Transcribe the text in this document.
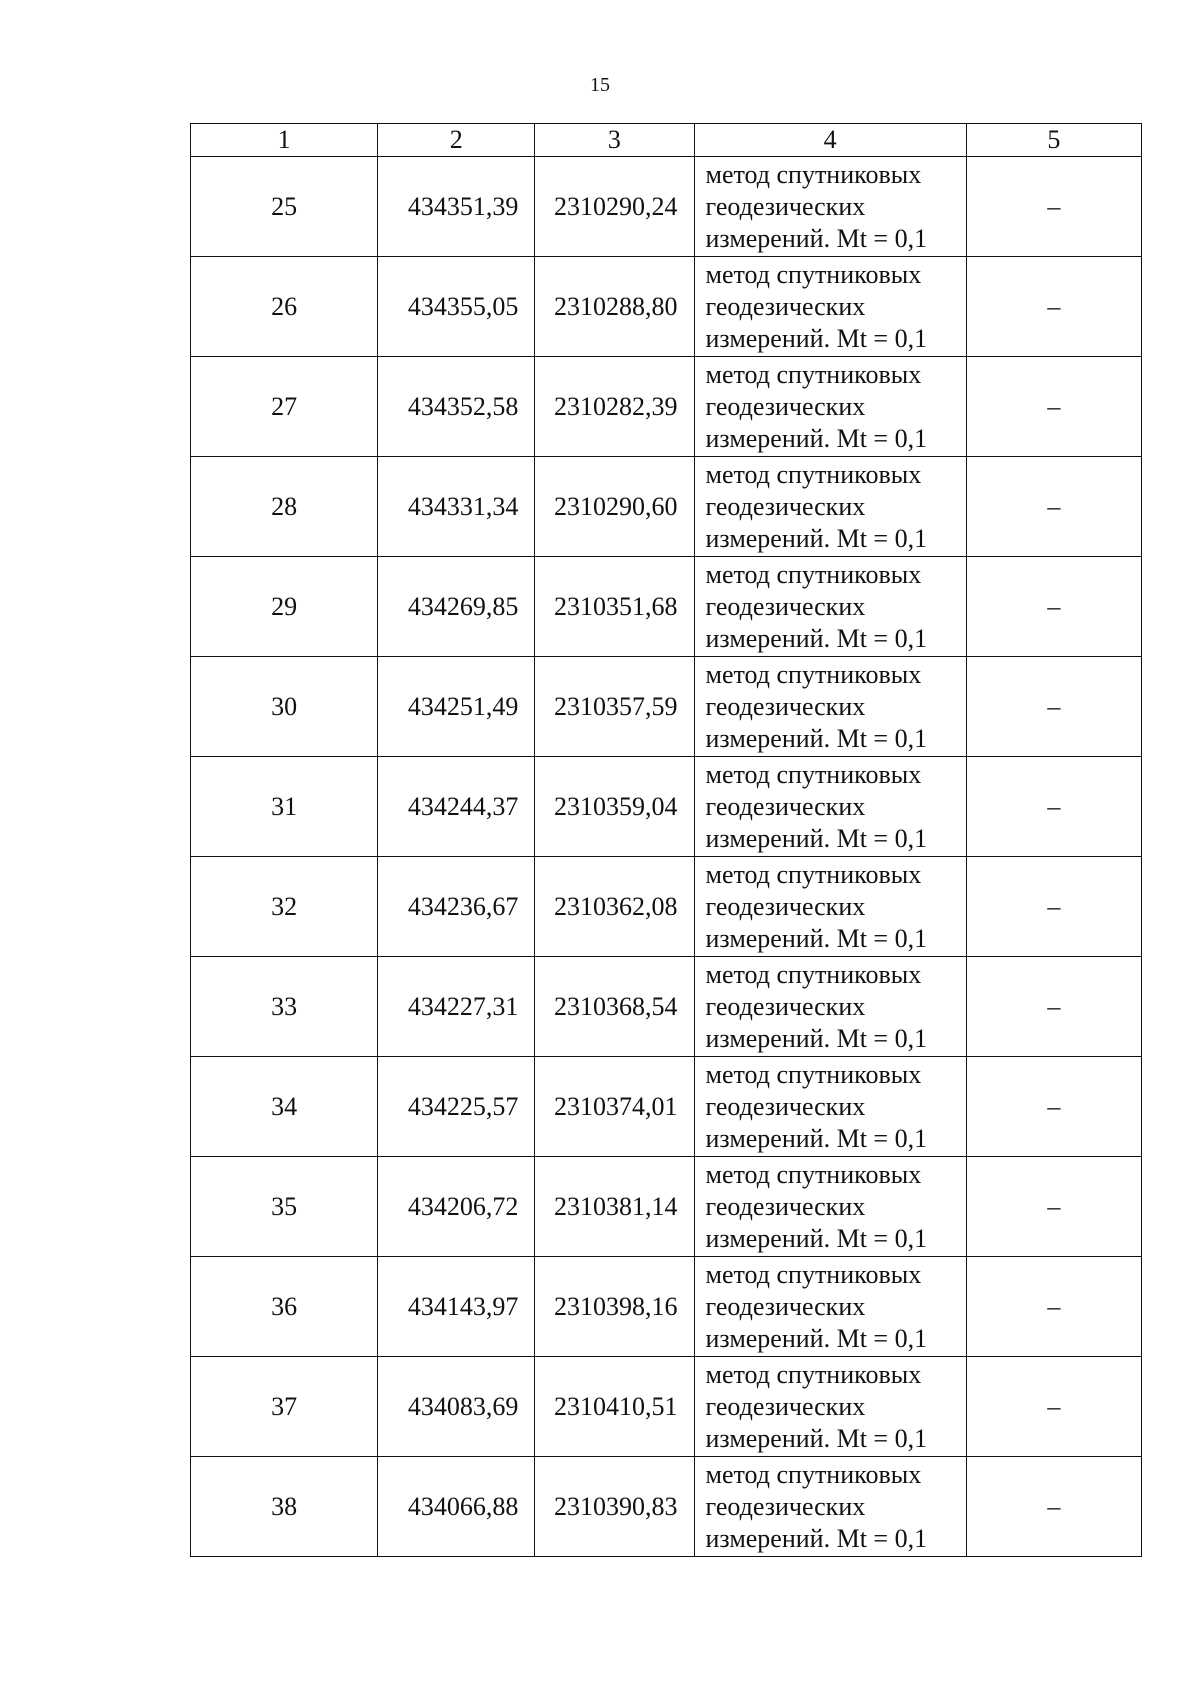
15
1	2	3	4	5
25	434351,39	2310290,24	метод спутниковых
геодезических
измерений. Mt = 0,1	–
26	434355,05	2310288,80	метод спутниковых
геодезических
измерений. Mt = 0,1	–
27	434352,58	2310282,39	метод спутниковых
геодезических
измерений. Mt = 0,1	–
28	434331,34	2310290,60	метод спутниковых
геодезических
измерений. Mt = 0,1	–
29	434269,85	2310351,68	метод спутниковых
геодезических
измерений. Mt = 0,1	–
30	434251,49	2310357,59	метод спутниковых
геодезических
измерений. Mt = 0,1	–
31	434244,37	2310359,04	метод спутниковых
геодезических
измерений. Mt = 0,1	–
32	434236,67	2310362,08	метод спутниковых
геодезических
измерений. Mt = 0,1	–
33	434227,31	2310368,54	метод спутниковых
геодезических
измерений. Mt = 0,1	–
34	434225,57	2310374,01	метод спутниковых
геодезических
измерений. Mt = 0,1	–
35	434206,72	2310381,14	метод спутниковых
геодезических
измерений. Mt = 0,1	–
36	434143,97	2310398,16	метод спутниковых
геодезических
измерений. Mt = 0,1	–
37	434083,69	2310410,51	метод спутниковых
геодезических
измерений. Mt = 0,1	–
38	434066,88	2310390,83	метод спутниковых
геодезических
измерений. Mt = 0,1	–
